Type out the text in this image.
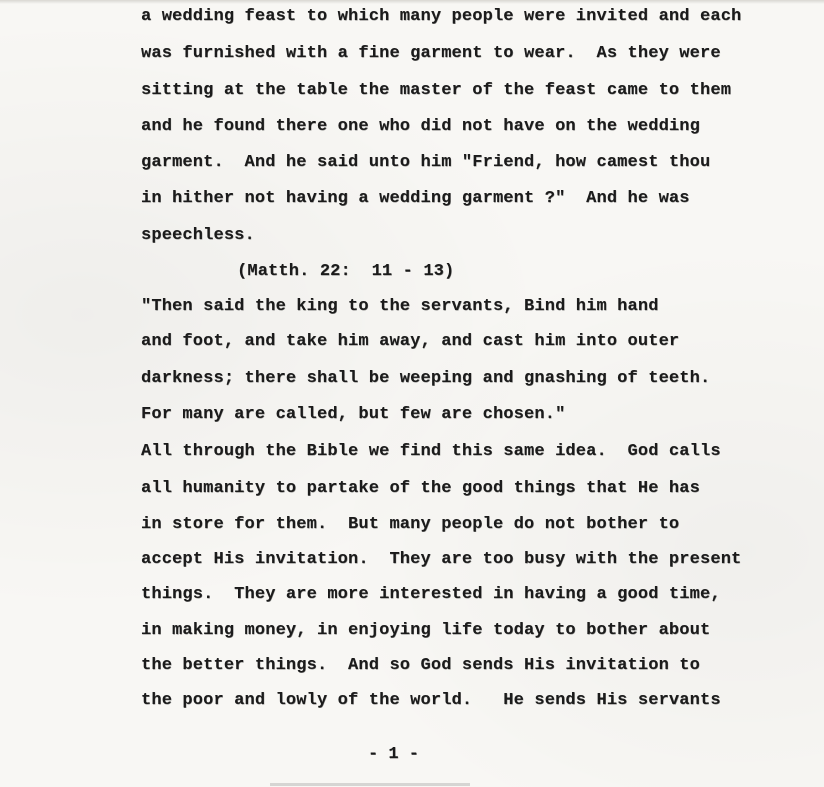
a wedding feast to which many people were invited and each
was furnished with a fine garment to wear.  As they were
sitting at the table the master of the feast came to them
and he found there one who did not have on the wedding
garment.  And he said unto him "Friend, how camest thou
in hither not having a wedding garment ?"  And he was
speechless.
(Matth. 22:  11 - 13)
"Then said the king to the servants, Bind him hand
and foot, and take him away, and cast him into outer
darkness; there shall be weeping and gnashing of teeth.
For many are called, but few are chosen."
All through the Bible we find this same idea.  God calls
all humanity to partake of the good things that He has
in store for them.  But many people do not bother to
accept His invitation.  They are too busy with the present
things.  They are more interested in having a good time,
in making money, in enjoying life today to bother about
the better things.  And so God sends His invitation to
the poor and lowly of the world.   He sends His servants
- 1 -
